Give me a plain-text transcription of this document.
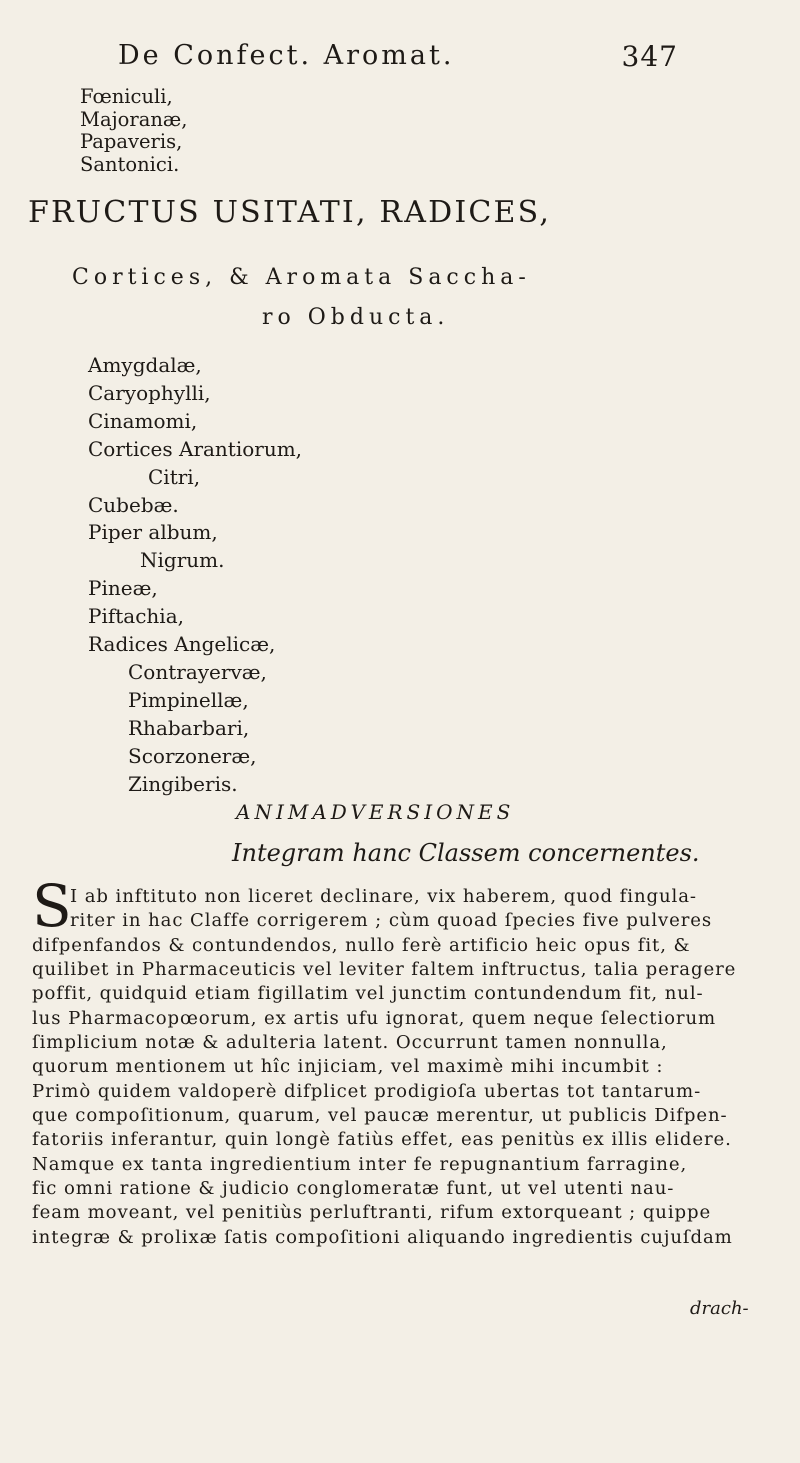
De Confect. Aromat.	347
Fœniculi,
Majoranæ,
Papaveris,
Santonici.
FRUCTUS USITATI, RADICES,
Cortices, & Aromata Saccha-
ro Obducta.
Amygdalæ,
Caryophylli,
Cinamomi,
Cortices Arantiorum,
Citri,
Cubebæ.
Piper album,
Nigrum.
Pineæ,
Piftachia,
Radices Angelicæ,
Contrayervæ,
Pimpinellæ,
Rhabarbari,
Scorzoneræ,
Zingiberis.
ANIMADVERSIONES
Integram hanc Classem concernentes.
S
I ab inftituto non liceret declinare, vix haberem, quod fingula-
riter in hac Claffe corrigerem ; cùm quoad ſpecies five pulveres
difpenfandos & contundendos, nullo ferè artificio heic opus fit, &
quilibet in Pharmaceuticis vel leviter faltem inftructus, talia peragere
poffit, quidquid etiam figillatim vel junctim contundendum fit, nul-
lus Pharmacopœorum, ex artis ufu ignorat, quem neque ſelectiorum
ſimplicium notæ & adulteria latent. Occurrunt tamen nonnulla,
quorum mentionem ut hîc injiciam, vel maximè mihi incumbit :
Primò quidem valdoperè difplicet prodigioſa ubertas tot tantarum-
que compoſitionum, quarum, vel paucæ merentur, ut publicis Difpen-
fatoriis inferantur, quin longè fatiùs effet, eas penitùs ex illis elidere.
Namque ex tanta ingredientium inter fe repugnantium farragine,
fic omni ratione & judicio conglomeratæ funt, ut vel utenti nau-
feam moveant, vel penitiùs perluftranti, rifum extorqueant ; quippe
integræ & prolixæ ſatis compoſitioni aliquando ingredientis cujuſdam
drach-
